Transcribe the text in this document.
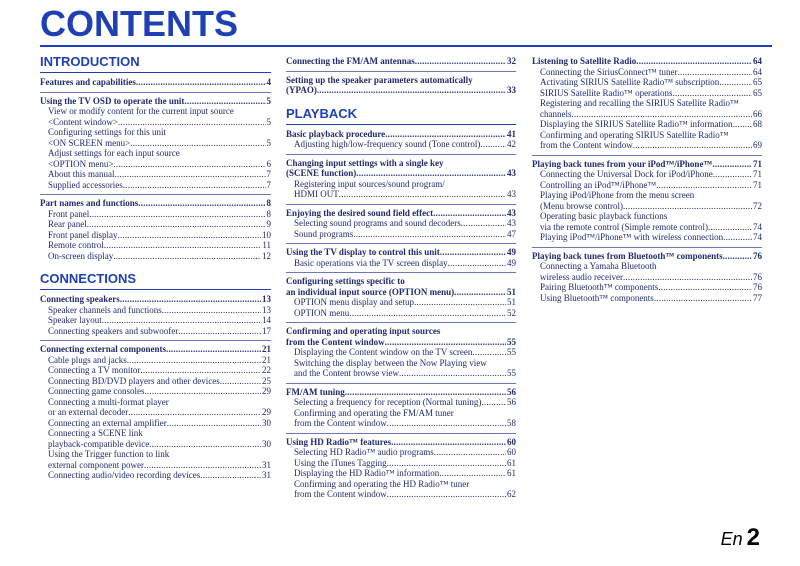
CONTENTS
INTRODUCTION
Features and capabilities .....	4
Using the TV OSD to operate the unit .....	5
View or modify content for the current input source
<Content window> .....	5
Configuring settings for this unit
<ON SCREEN menu> .....	5
Adjust settings for each input source
<OPTION menu> .....	6
About this manual .....	7
Supplied accessories .....	7
Part names and functions .....	8
Front panel .....	8
Rear panel .....	9
Front panel display .....	10
Remote control .....	11
On-screen display .....	12
CONNECTIONS
Connecting speakers .....	13
Speaker channels and functions .....	13
Speaker layout .....	14
Connecting speakers and subwoofer .....	17
Connecting external components .....	21
Cable plugs and jacks .....	21
Connecting a TV monitor .....	22
Connecting BD/DVD players and other devices .....	25
Connecting game consoles .....	29
Connecting a multi-format player
or an external decoder .....	29
Connecting an external amplifier .....	30
Connecting a SCENE link
playback-compatible device .....	30
Using the Trigger function to link
external component power .....	31
Connecting audio/video recording devices .....	31
Connecting the FM/AM antennas .....	32
Setting up the speaker parameters automatically
(YPAO) .....	33
PLAYBACK
Basic playback procedure .....	41
Adjusting high/low-frequency sound (Tone control) .....	42
Changing input settings with a single key
(SCENE function) .....	43
Registering input sources/sound program/
HDMI OUT .....	43
Enjoying the desired sound field effect .....	43
Selecting sound programs and sound decoders .....	43
Sound programs .....	47
Using the TV display to control this unit .....	49
Basic operations via the TV screen display .....	49
Configuring settings specific to
an individual input source (OPTION menu) .....	51
OPTION menu display and setup .....	51
OPTION menu .....	52
Confirming and operating input sources
from the Content window .....	55
Displaying the Content window on the TV screen .....	55
Switching the display between the Now Playing view
and the Content browse view .....	55
FM/AM tuning .....	56
Selecting a frequency for reception (Normal tuning) .....	56
Confirming and operating the FM/AM tuner
from the Content window .....	58
Using HD Radio™ features .....	60
Selecting HD Radio™ audio programs .....	60
Using the iTunes Tagging .....	61
Displaying the HD Radio™ information .....	61
Confirming and operating the HD Radio™ tuner
from the Content window .....	62
Listening to Satellite Radio .....	64
Connecting the SiriusConnect™ tuner .....	64
Activating SIRIUS Satellite Radio™ subscription .....	65
SIRIUS Satellite Radio™ operations .....	65
Registering and recalling the SIRIUS Satellite Radio™
channels .....	66
Displaying the SIRIUS Satellite Radio™ information ..... 68
Confirming and operating SIRIUS Satellite Radio™
from the Content window .....	69
Playing back tunes from your iPod™/iPhone™ .....	71
Connecting the Universal Dock for iPod/iPhone .....	71
Controlling an iPod™/iPhone™ .....	71
Playing iPod/iPhone from the menu screen
(Menu browse control) .....	72
Operating basic playback functions
via the remote control (Simple remote control) .....	74
Playing iPod™/iPhone™ with wireless connection .....	74
Playing back tunes from Bluetooth™ components .....	76
Connecting a Yamaha Bluetooth
wireless audio receiver .....	76
Pairing Bluetooth™ components .....	76
Using Bluetooth™ components .....	77
En 2
